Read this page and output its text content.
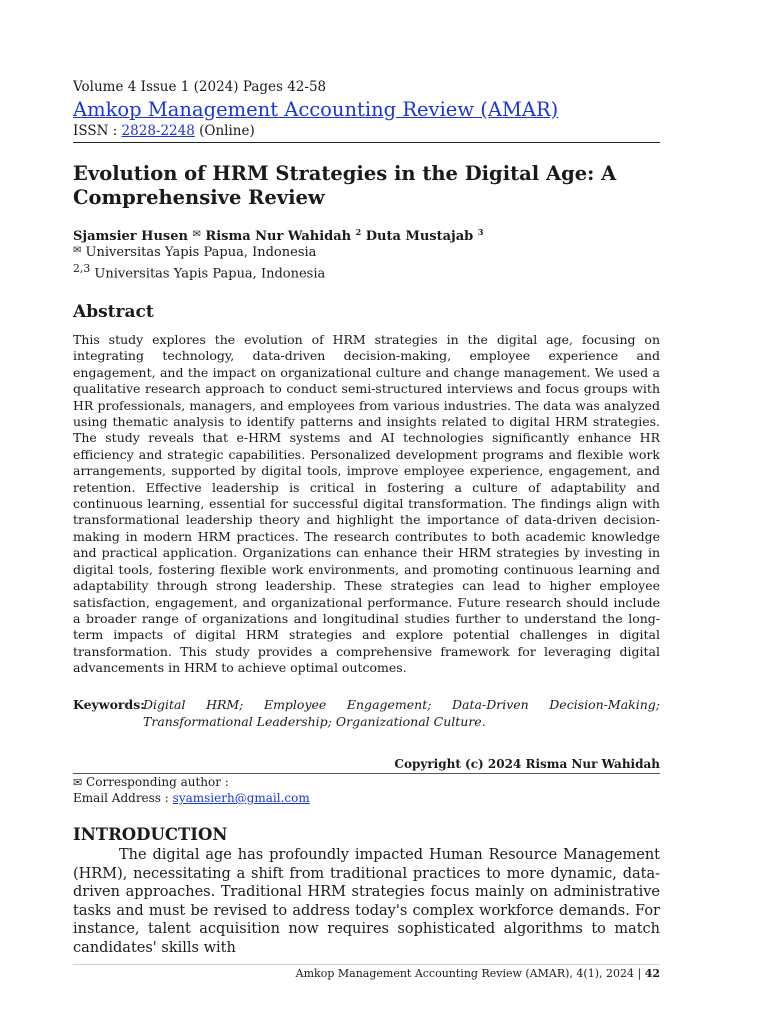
Volume 4 Issue 1 (2024) Pages 42-58
Amkop Management Accounting Review (AMAR)
ISSN : 2828-2248 (Online)
Evolution of HRM Strategies in the Digital Age: A Comprehensive Review
Sjamsier Husen ✉ Risma Nur Wahidah $^2$ Duta Mustajab $^3$
✉ Universitas Yapis Papua, Indonesia
$^{2,3}$ Universitas Yapis Papua, Indonesia
Abstract

This study explores the evolution of HRM strategies in the digital age, focusing on integrating technology, data-driven decision-making, employee experience and engagement, and the impact on organizational culture and change management. We used a qualitative research approach to conduct semi-structured interviews and focus groups with HR professionals, managers, and employees from various industries. The data was analyzed using thematic analysis to identify patterns and insights related to digital HRM strategies. The study reveals that e-HRM systems and AI technologies significantly enhance HR efficiency and strategic capabilities. Personalized development programs and flexible work arrangements, supported by digital tools, improve employee experience, engagement, and retention. Effective leadership is critical in fostering a culture of adaptability and continuous learning, essential for successful digital transformation. The findings align with transformational leadership theory and highlight the importance of data-driven decision-making in modern HRM practices. The research contributes to both academic knowledge and practical application. Organizations can enhance their HRM strategies by investing in digital tools, fostering flexible work environments, and promoting continuous learning and adaptability through strong leadership. These strategies can lead to higher employee satisfaction, engagement, and organizational performance. Future research should include a broader range of organizations and longitudinal studies further to understand the long-term impacts of digital HRM strategies and explore potential challenges in digital transformation. This study provides a comprehensive framework for leveraging digital advancements in HRM to achieve optimal outcomes.

Keywords:
Digital HRM; Employee Engagement; Data-Driven Decision-Making; Transformational Leadership; Organizational Culture.
Copyright (c) 2024 Risma Nur Wahidah
✉ Corresponding author :
Email Address : syamsierh@gmail.com
INTRODUCTION

The digital age has profoundly impacted Human Resource Management (HRM), necessitating a shift from traditional practices to more dynamic, data-driven approaches. Traditional HRM strategies focus mainly on administrative tasks and must be revised to address today's complex workforce demands. For instance, talent acquisition now requires sophisticated algorithms to match candidates' skills with

Amkop Management Accounting Review (AMAR), 4(1), 2024 | 42
